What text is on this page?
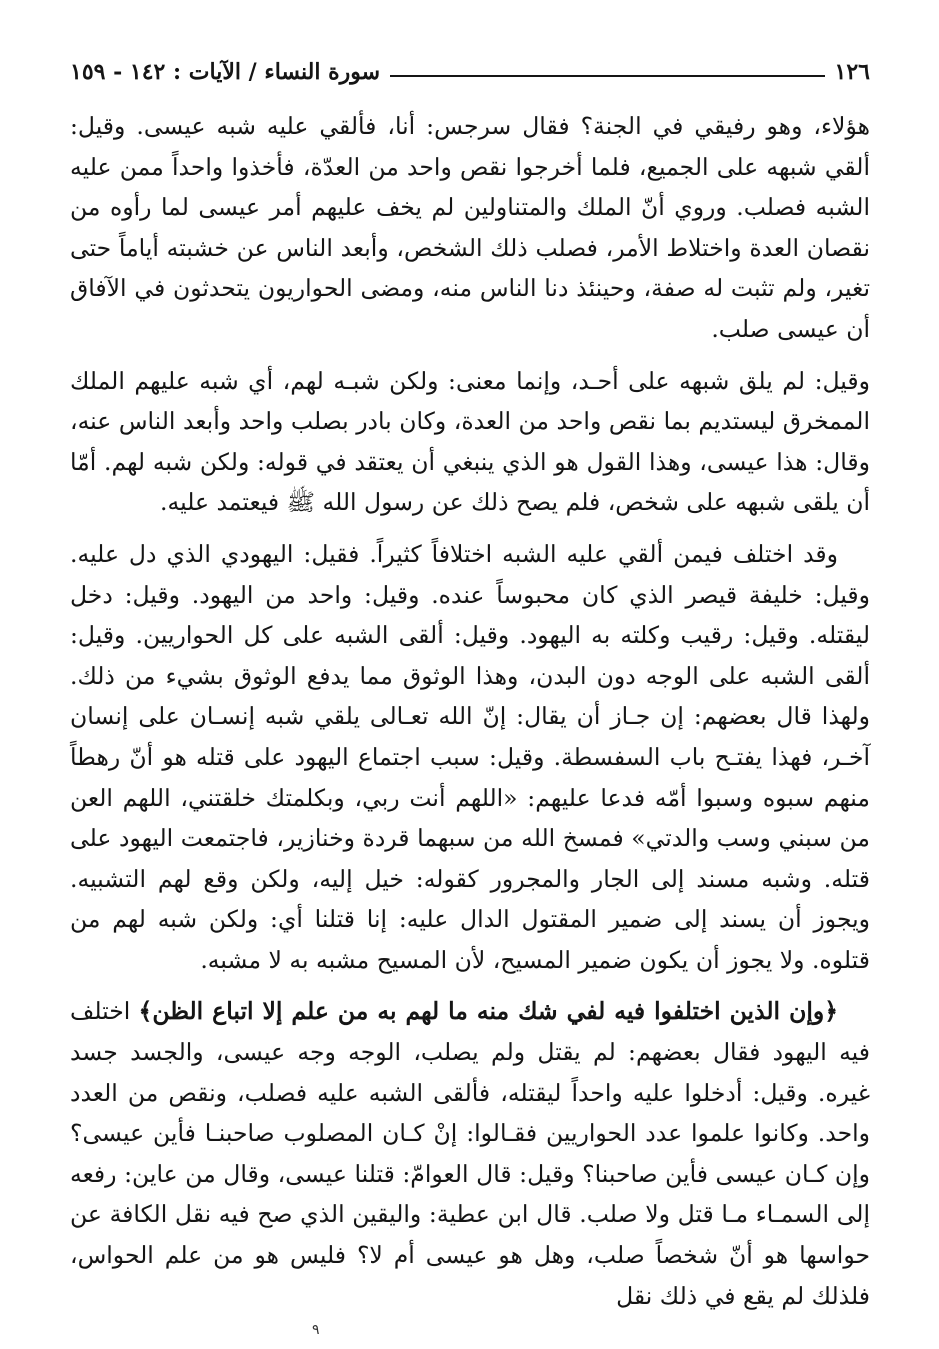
١٢٦
سورة النساء / الآيات : ١٤٢ - ١٥٩

هؤلاء، وهو رفيقي في الجنة؟ فقال سرجس: أنا، فألقي عليه شبه عيسى. وقيل: ألقي شبهه على الجميع، فلما أخرجوا نقص واحد من العدّة، فأخذوا واحداً ممن عليه الشبه فصلب. وروي أنّ الملك والمتناولين لم يخف عليهم أمر عيسى لما رأوه من نقصان العدة واختلاط الأمر، فصلب ذلك الشخص، وأبعد الناس عن خشبته أياماً حتى تغير، ولم تثبت له صفة، وحينئذ دنا الناس منه، ومضى الحواريون يتحدثون في الآفاق أن عيسى صلب.

وقيل: لم يلق شبهه على أحـد، وإنما معنى: ولكن شبـه لهم، أي شبه عليهم الملك الممخرق ليستديم بما نقص واحد من العدة، وكان بادر بصلب واحد وأبعد الناس عنه، وقال: هذا عيسى، وهذا القول هو الذي ينبغي أن يعتقد في قوله: ولكن شبه لهم. أمّا أن يلقى شبهه على شخص، فلم يصح ذلك عن رسول الله ﷺ فيعتمد عليه.

وقد اختلف فيمن ألقي عليه الشبه اختلافاً كثيراً. فقيل: اليهودي الذي دل عليه. وقيل: خليفة قيصر الذي كان محبوساً عنده. وقيل: واحد من اليهود. وقيل: دخل ليقتله. وقيل: رقيب وكلته به اليهود. وقيل: ألقى الشبه على كل الحواريين. وقيل: ألقى الشبه على الوجه دون البدن، وهذا الوثوق مما يدفع الوثوق بشيء من ذلك. ولهذا قال بعضهم: إن جـاز أن يقال: إنّ الله تعـالى يلقي شبه إنسـان على إنسان آخـر، فهذا يفتـح باب السفسطة. وقيل: سبب اجتماع اليهود على قتله هو أنّ رهطاً منهم سبوه وسبوا أمّه فدعا عليهم: «اللهم أنت ربي، وبكلمتك خلقتني، اللهم العن من سبني وسب والدتي» فمسخ الله من سبهما قردة وخنازير، فاجتمعت اليهود على قتله. وشبه مسند إلى الجار والمجرور كقوله: خيل إليه، ولكن وقع لهم التشبيه. ويجوز أن يسند إلى ضمير المقتول الدال عليه: إنا قتلنا أي: ولكن شبه لهم من قتلوه. ولا يجوز أن يكون ضمير المسيح، لأن المسيح مشبه به لا مشبه.

﴿وإن الذين اختلفوا فيه لفي شك منه ما لهم به من علم إلا اتباع الظن﴾ اختلف فيه اليهود فقال بعضهم: لم يقتل ولم يصلب، الوجه وجه عيسى، والجسد جسد غيره. وقيل: أدخلوا عليه واحداً ليقتله، فألقى الشبه عليه فصلب، ونقص من العدد واحد. وكانوا علموا عدد الحواريين فقـالوا: إنْ كـان المصلوب صاحبنـا فأين عيسى؟ وإن كـان عيسى فأين صاحبنا؟ وقيل: قال العوامّ: قتلنا عيسى، وقال من عاين: رفعه إلى السمـاء مـا قتل ولا صلب. قال ابن عطية: واليقين الذي صح فيه نقل الكافة عن حواسها هو أنّ شخصاً صلب، وهل هو عيسى أم لا؟ فليس هو من علم الحواس، فلذلك لم يقع في ذلك نقل

٩
